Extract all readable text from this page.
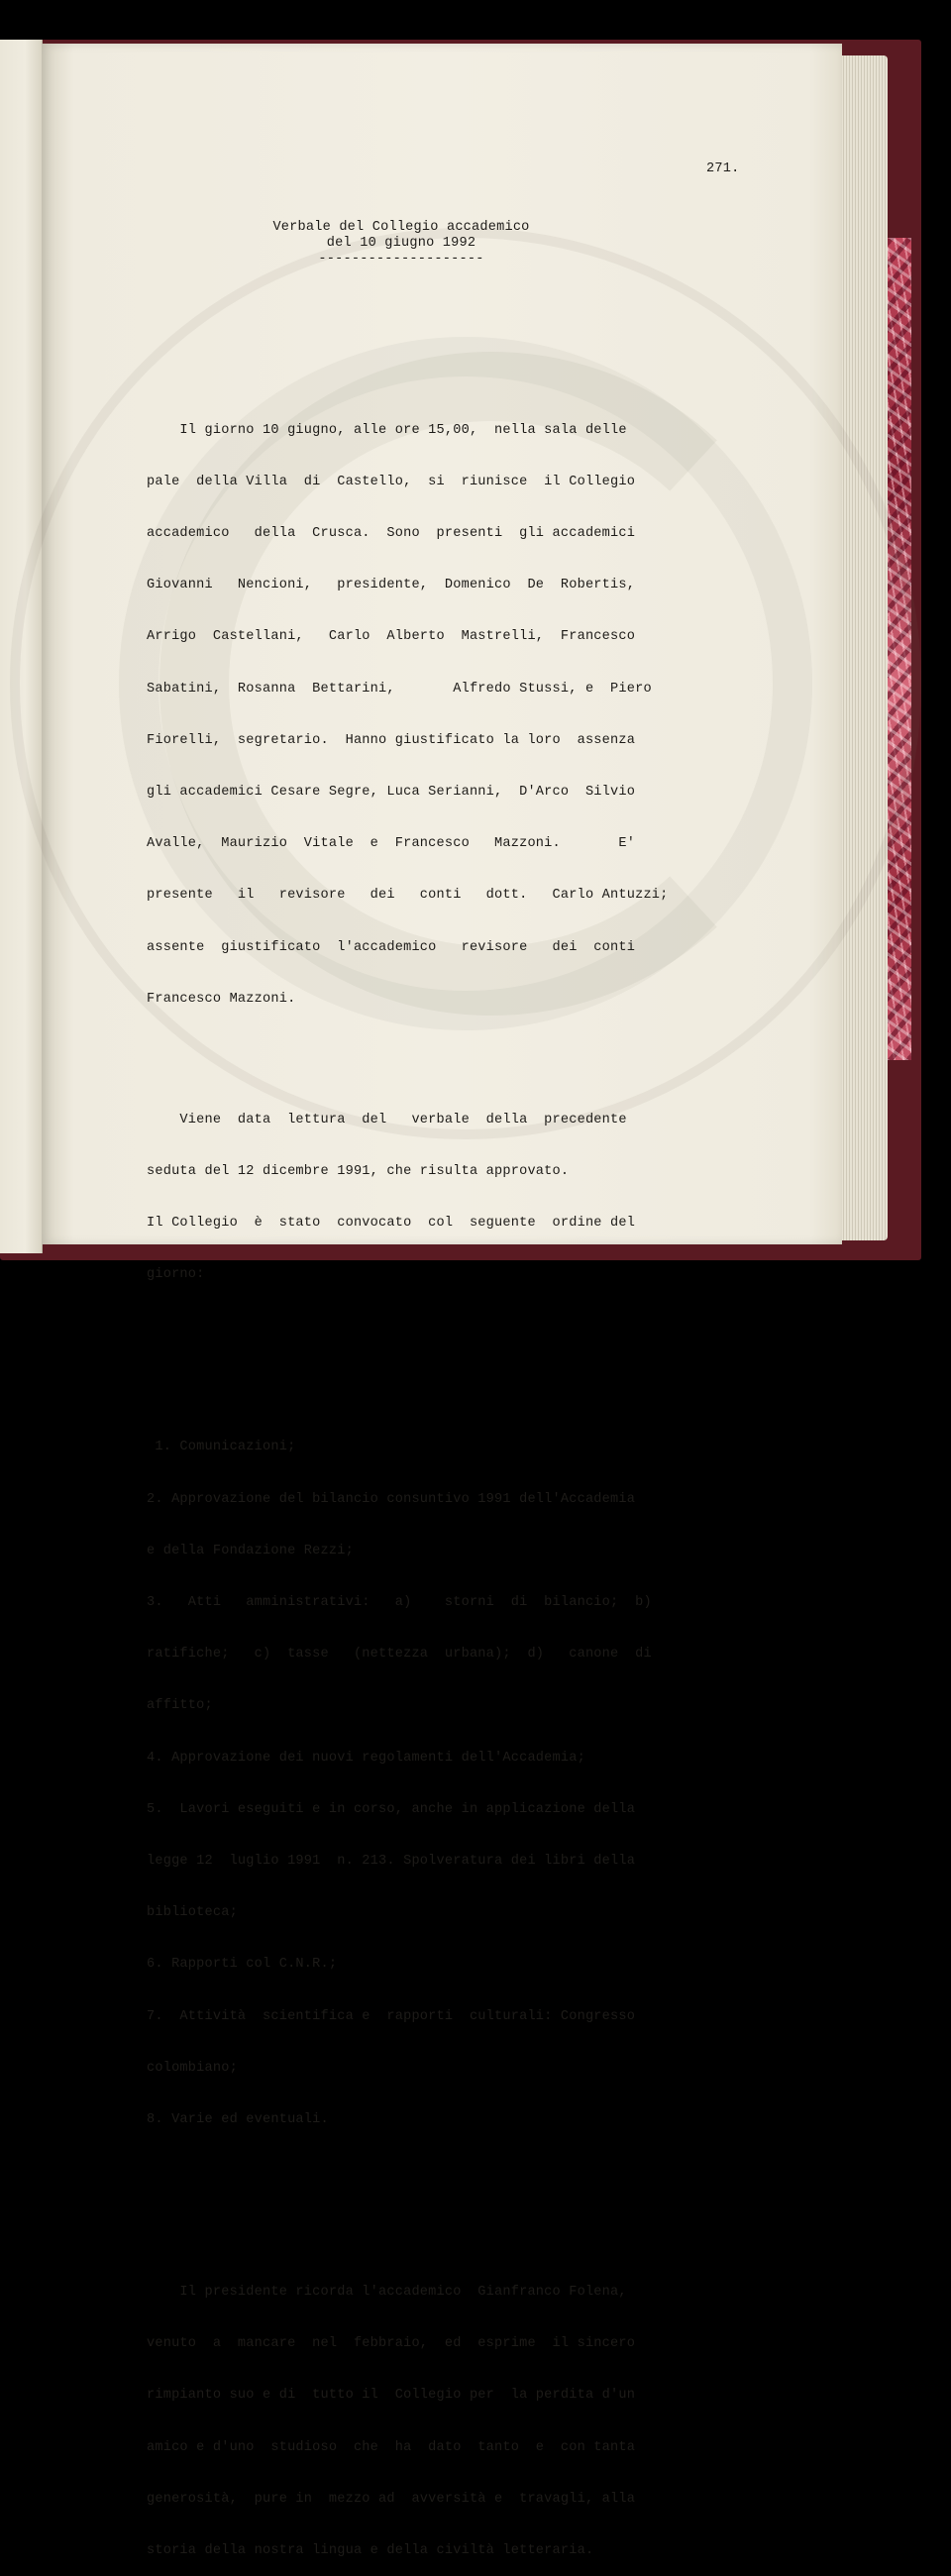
271.
Verbale del Collegio accademico
del 10 giugno 1992
--------------------

Il giorno 10 giugno, alle ore 15,00,  nella sala delle

pale  della Villa  di  Castello,  si  riunisce  il Collegio

accademico   della  Crusca.  Sono  presenti  gli accademici

Giovanni   Nencioni,   presidente,  Domenico  De  Robertis,

Arrigo  Castellani,   Carlo  Alberto  Mastrelli,  Francesco

Sabatini,  Rosanna  Bettarini,       Alfredo Stussi, e  Piero

Fiorelli,  segretario.  Hanno giustificato la loro  assenza

gli accademici Cesare Segre, Luca Serianni,  D'Arco  Silvio

Avalle,  Maurizio  Vitale  e  Francesco   Mazzoni.       E'

presente   il   revisore   dei   conti   dott.   Carlo Antuzzi;

assente  giustificato  l'accademico   revisore   dei  conti

Francesco Mazzoni.

Viene  data  lettura  del   verbale  della  precedente

seduta del 12 dicembre 1991, che risulta approvato.

Il Collegio  è  stato  convocato  col  seguente  ordine del

giorno:

1. Comunicazioni;

2. Approvazione del bilancio consuntivo 1991 dell'Accademia

e della Fondazione Rezzi;

3.   Atti   amministrativi:   a)    storni  di  bilancio;  b)

ratifiche;   c)  tasse   (nettezza  urbana);  d)   canone  di

affitto;

4. Approvazione dei nuovi regolamenti dell'Accademia;

5.  Lavori eseguiti e in corso, anche in applicazione della

legge 12  luglio 1991  n. 213. Spolveratura dei libri della

biblioteca;

6. Rapporti col C.N.R.;

7.  Attività  scientifica e  rapporti  culturali: Congresso

colombiano;

8. Varie ed eventuali.

Il presidente ricorda l'accademico  Gianfranco Folena,

venuto  a  mancare  nel  febbraio,  ed  esprime  il sincero

rimpianto suo e di  tutto il  Collegio per  la perdita d'un

amico e d'uno  studioso  che  ha  dato  tanto  e  con tanta

generosità,  pure in  mezzo ad  avversità e  travagli, alla

storia della nostra lingua e della civiltà letteraria.
